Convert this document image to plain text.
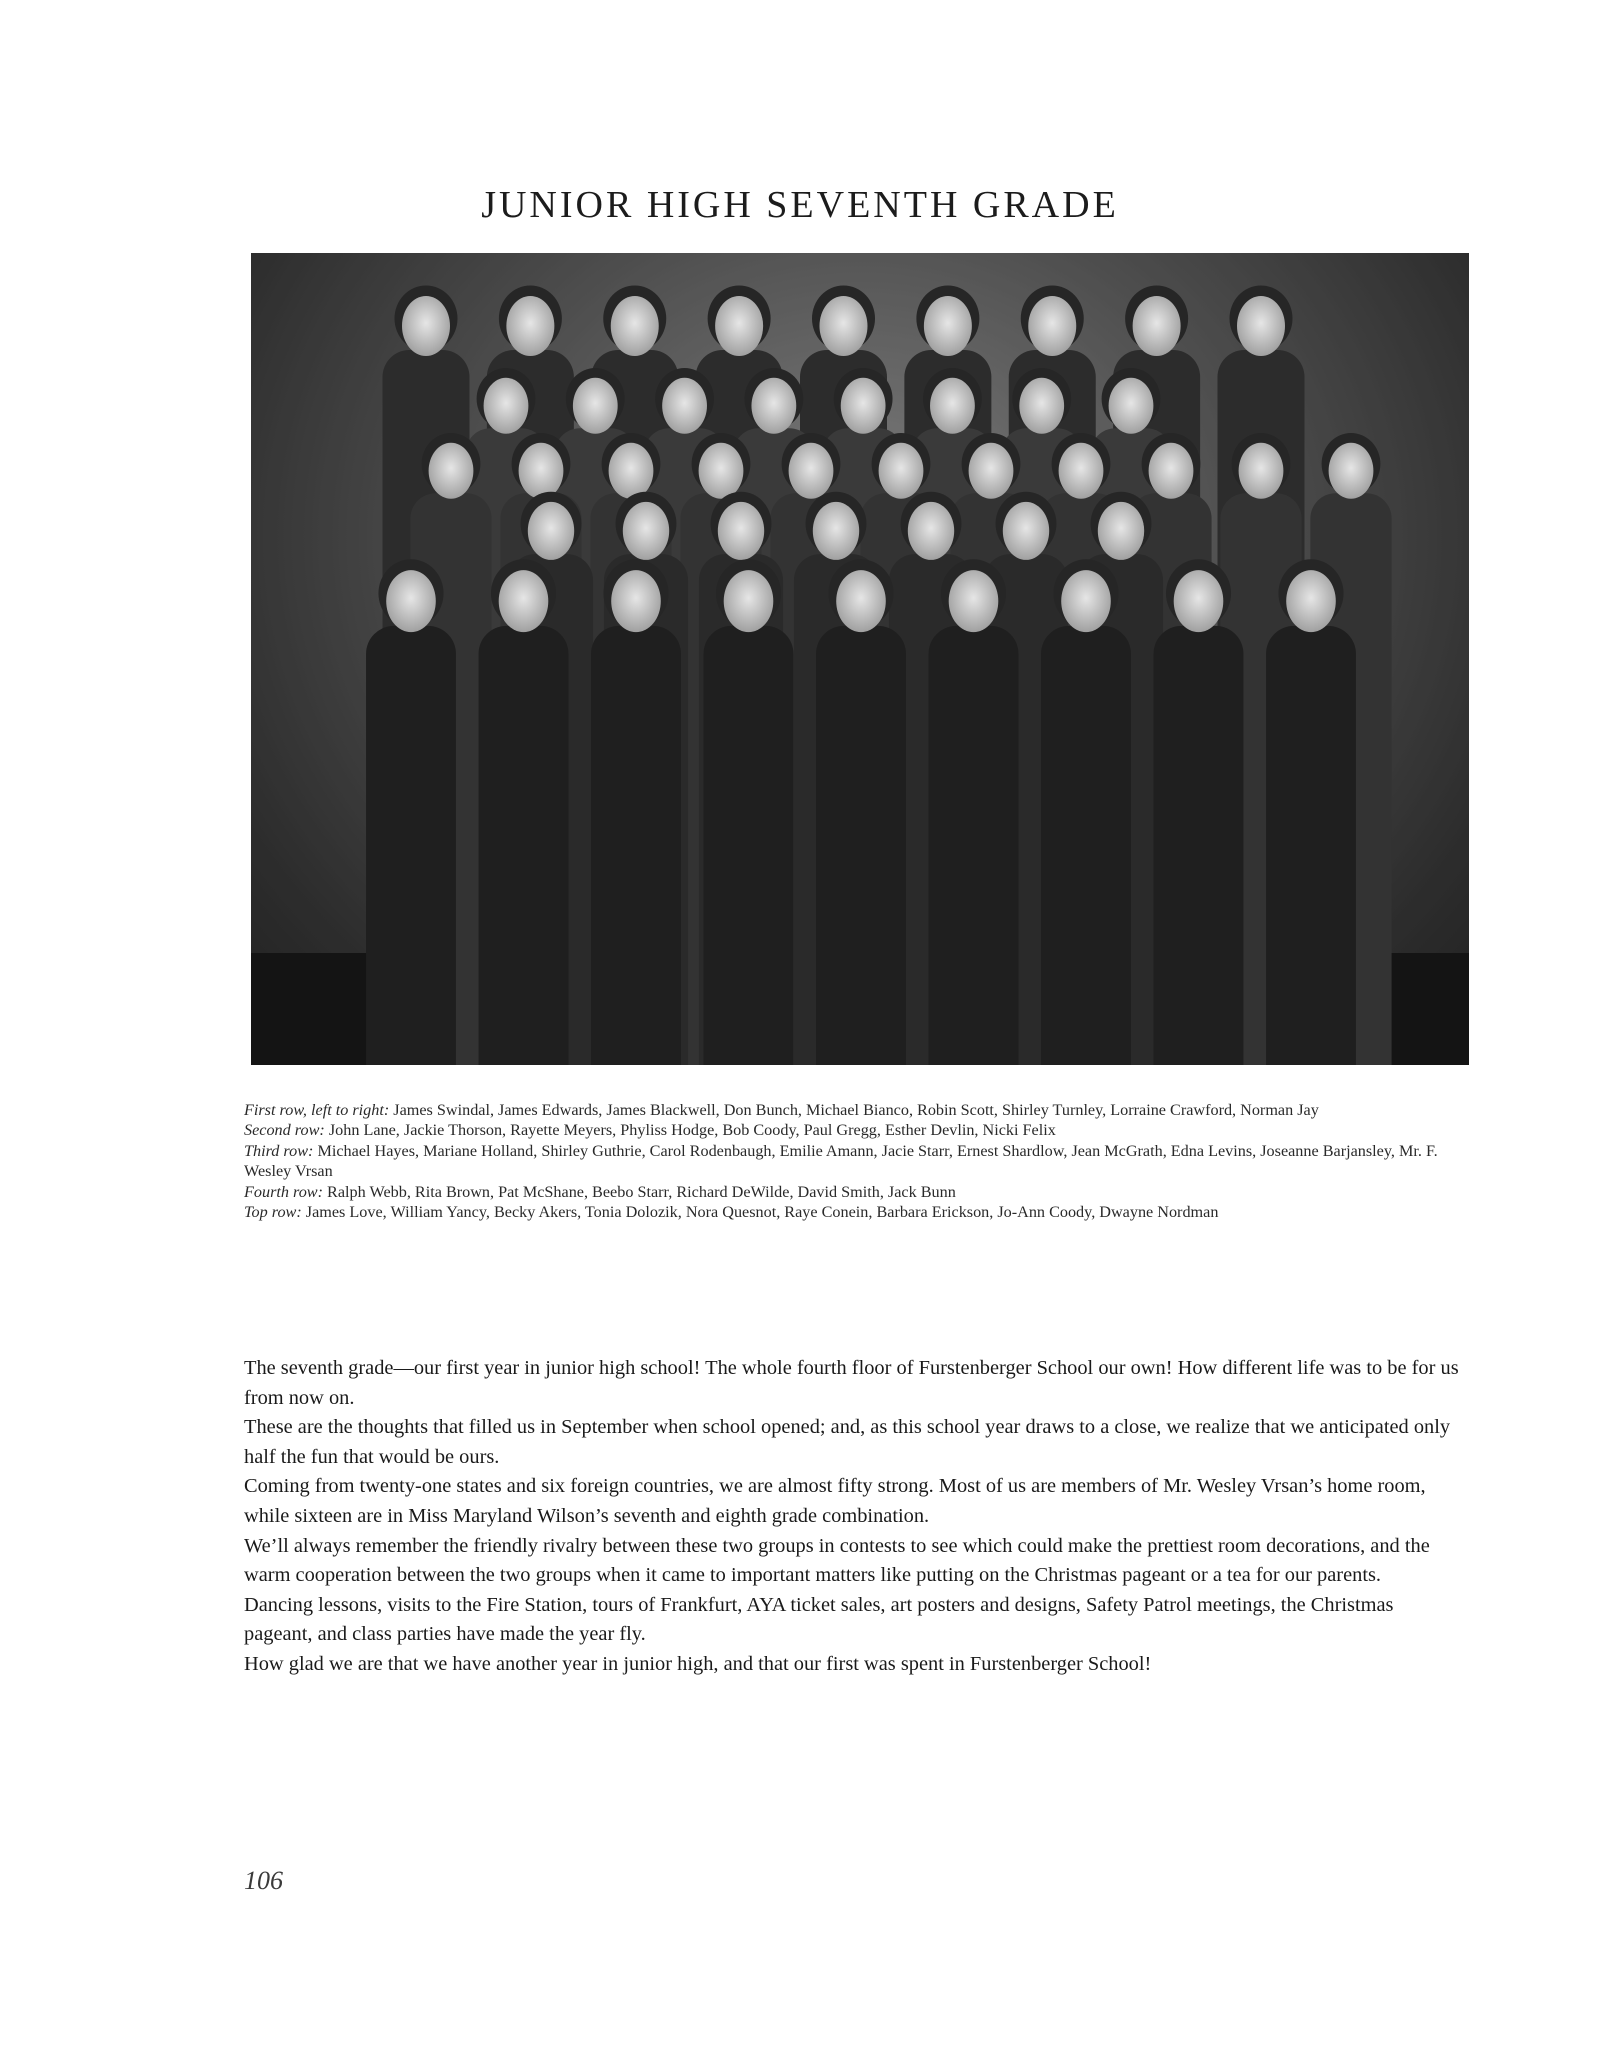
JUNIOR HIGH SEVENTH GRADE

First row, left to right: James Swindal, James Edwards, James Blackwell, Don Bunch, Michael Bianco, Robin Scott, Shirley Turnley, Lorraine Crawford, Norman Jay

Second row: John Lane, Jackie Thorson, Rayette Meyers, Phyliss Hodge, Bob Coody, Paul Gregg, Esther Devlin, Nicki Felix

Third row: Michael Hayes, Mariane Holland, Shirley Guthrie, Carol Rodenbaugh, Emilie Amann, Jacie Starr, Ernest Shardlow, Jean McGrath, Edna Levins, Joseanne Barjansley, Mr. F. Wesley Vrsan

Fourth row: Ralph Webb, Rita Brown, Pat McShane, Beebo Starr, Richard DeWilde, David Smith, Jack Bunn

Top row: James Love, William Yancy, Becky Akers, Tonia Dolozik, Nora Quesnot, Raye Conein, Barbara Erickson, Jo-Ann Coody, Dwayne Nordman

The seventh grade—our first year in junior high school! The whole fourth floor of Furstenberger School our own! How different life was to be for us from now on.

These are the thoughts that filled us in September when school opened; and, as this school year draws to a close, we realize that we anticipated only half the fun that would be ours.

Coming from twenty-one states and six foreign countries, we are almost fifty strong. Most of us are members of Mr. Wesley Vrsan’s home room, while sixteen are in Miss Maryland Wilson’s seventh and eighth grade combination.

We’ll always remember the friendly rivalry between these two groups in contests to see which could make the prettiest room decorations, and the warm cooperation between the two groups when it came to important matters like putting on the Christmas pageant or a tea for our parents.

Dancing lessons, visits to the Fire Station, tours of Frankfurt, AYA ticket sales, art posters and designs, Safety Patrol meetings, the Christmas pageant, and class parties have made the year fly.

How glad we are that we have another year in junior high, and that our first was spent in Furstenberger School!

106
